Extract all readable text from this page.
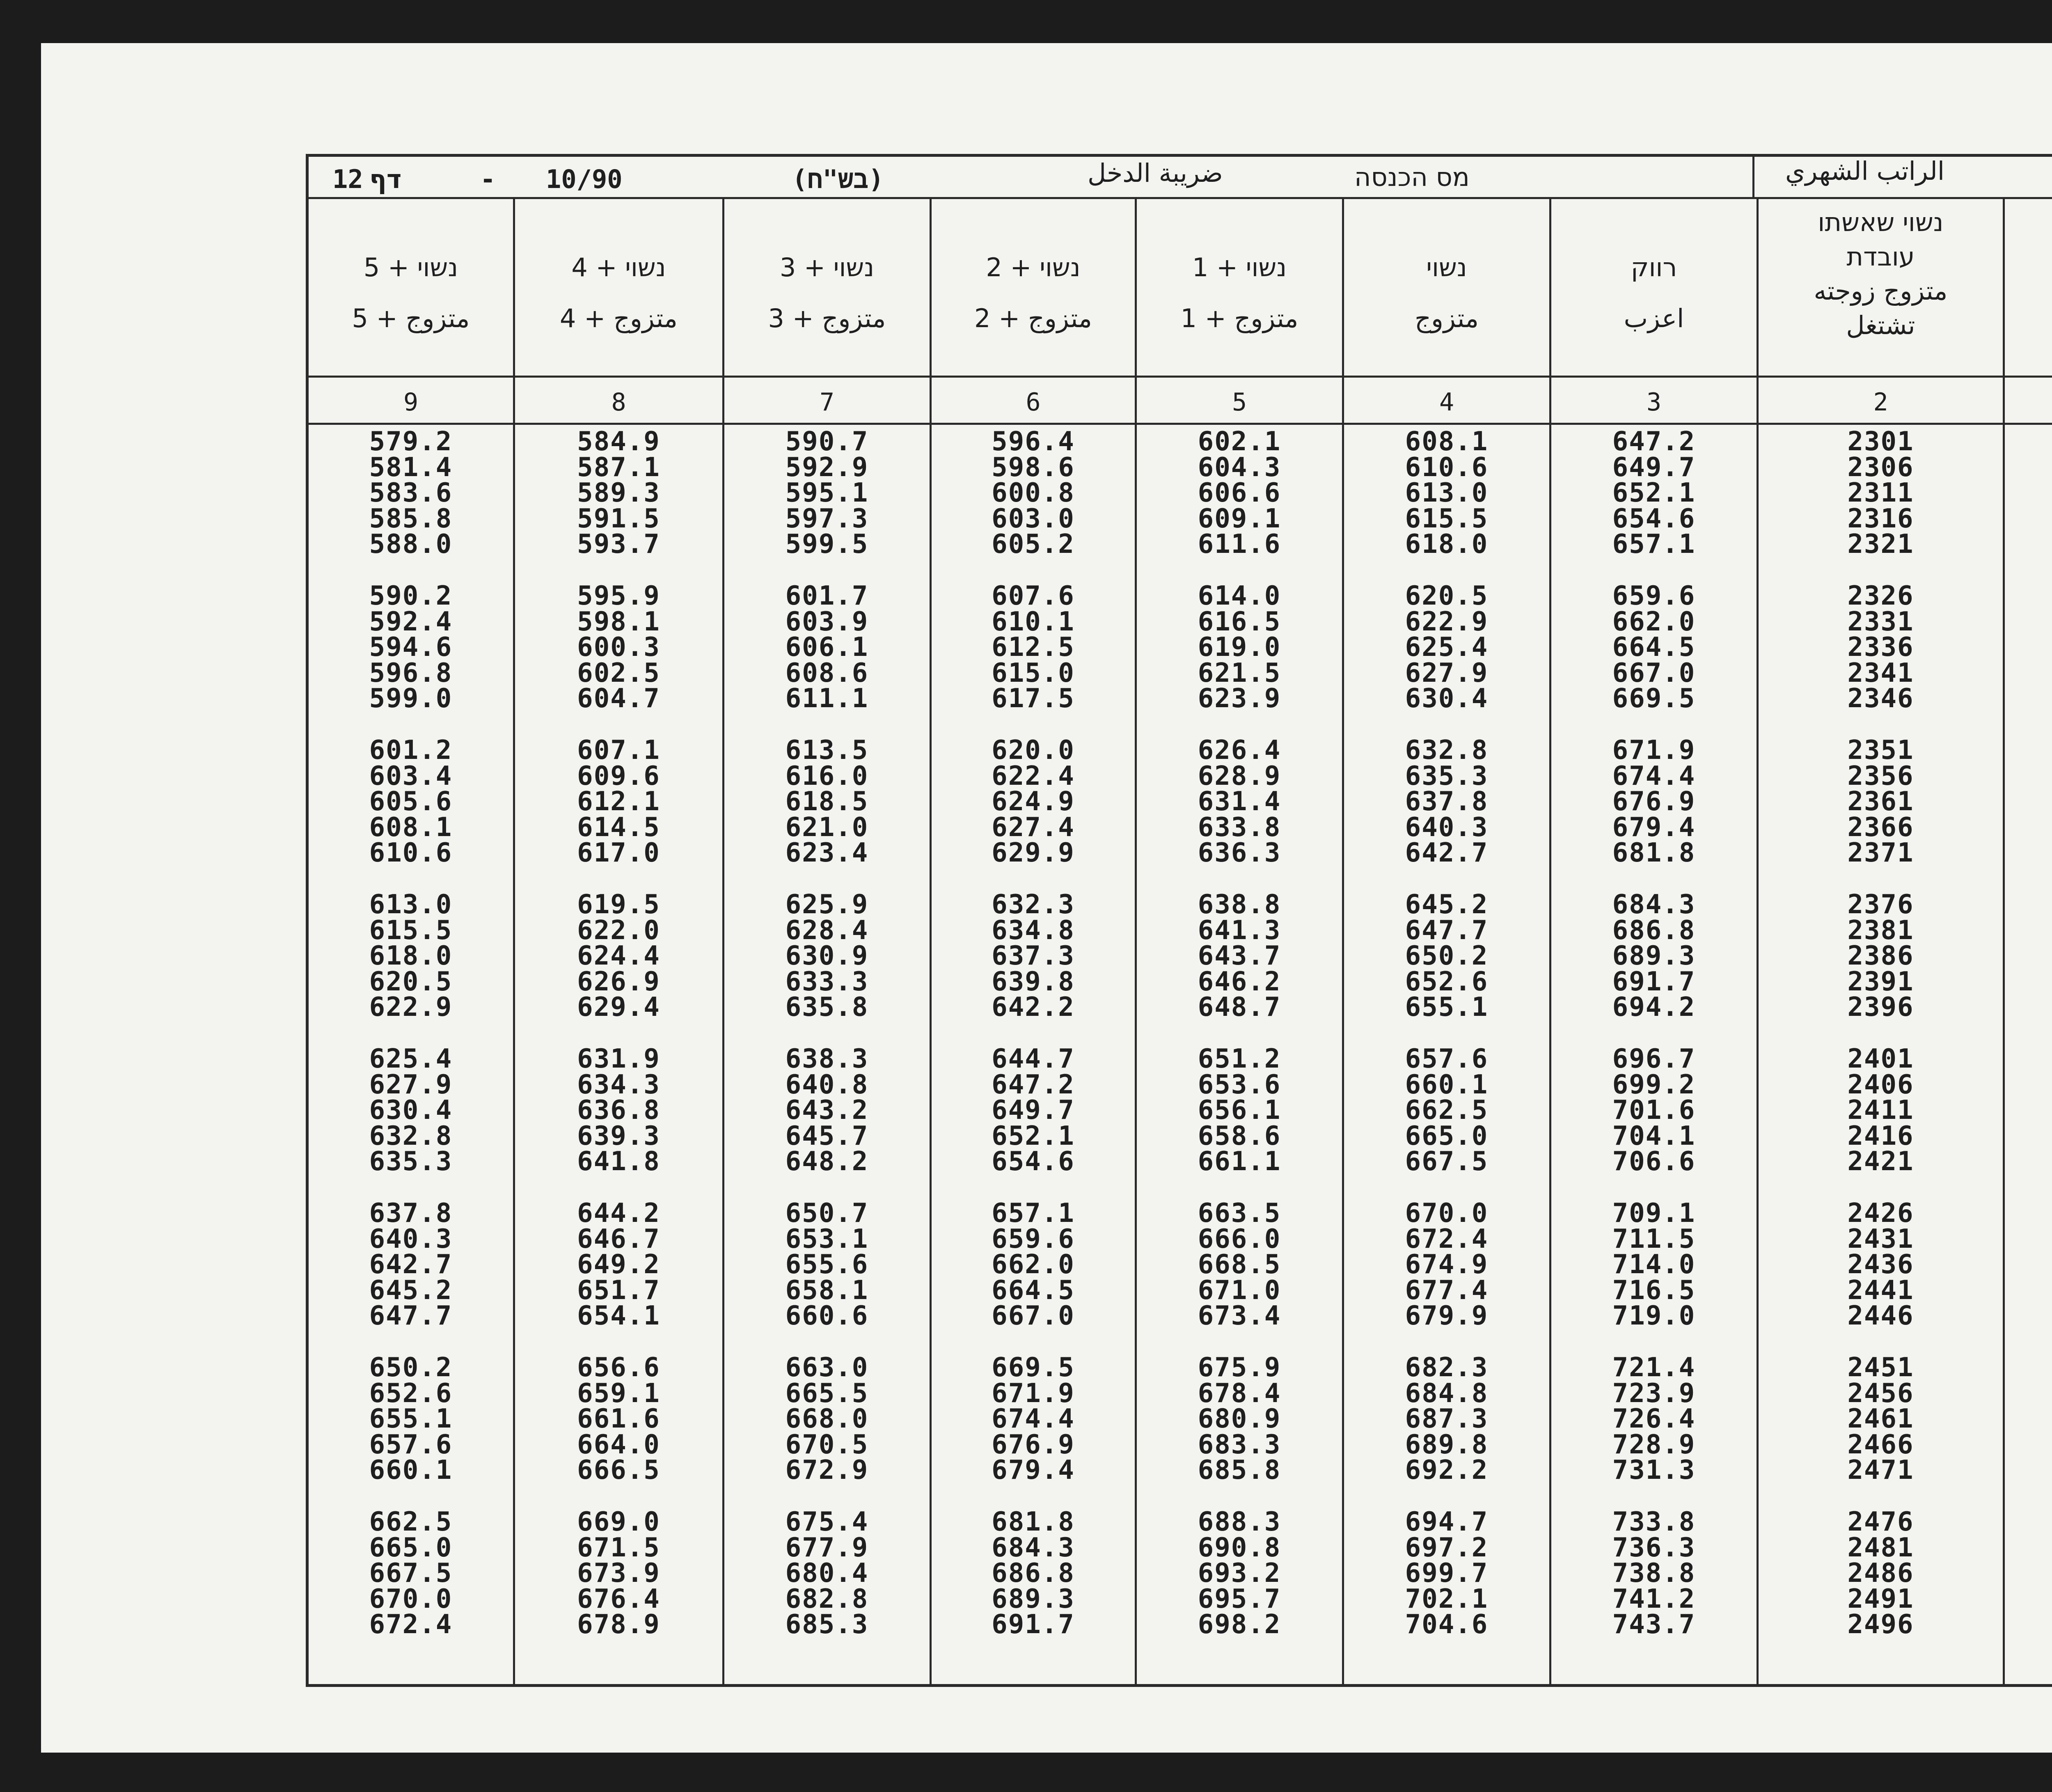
الراتب الشهري
מס הכנסה
ضريبة الدخل
(בש"ח)
10/90
-
דף
12
נשוי שאשתו
עובדת
متزوج زوجته
تشتغل
רווק
اعزب
נשוי
متزوج
נשוי + 1
متزوج + 1
נשוי + 2
متزوج + 2
נשוי + 3
متزوج + 3
נשוי + 4
متزوج + 4
נשוי + 5
متزوج + 5
2
3
4
5
6
7
8
9
2301
2306
2311
2316
2321
647.2
649.7
652.1
654.6
657.1
608.1
610.6
613.0
615.5
618.0
602.1
604.3
606.6
609.1
611.6
596.4
598.6
600.8
603.0
605.2
590.7
592.9
595.1
597.3
599.5
584.9
587.1
589.3
591.5
593.7
579.2
581.4
583.6
585.8
588.0
2326
2331
2336
2341
2346
659.6
662.0
664.5
667.0
669.5
620.5
622.9
625.4
627.9
630.4
614.0
616.5
619.0
621.5
623.9
607.6
610.1
612.5
615.0
617.5
601.7
603.9
606.1
608.6
611.1
595.9
598.1
600.3
602.5
604.7
590.2
592.4
594.6
596.8
599.0
2351
2356
2361
2366
2371
671.9
674.4
676.9
679.4
681.8
632.8
635.3
637.8
640.3
642.7
626.4
628.9
631.4
633.8
636.3
620.0
622.4
624.9
627.4
629.9
613.5
616.0
618.5
621.0
623.4
607.1
609.6
612.1
614.5
617.0
601.2
603.4
605.6
608.1
610.6
2376
2381
2386
2391
2396
684.3
686.8
689.3
691.7
694.2
645.2
647.7
650.2
652.6
655.1
638.8
641.3
643.7
646.2
648.7
632.3
634.8
637.3
639.8
642.2
625.9
628.4
630.9
633.3
635.8
619.5
622.0
624.4
626.9
629.4
613.0
615.5
618.0
620.5
622.9
2401
2406
2411
2416
2421
696.7
699.2
701.6
704.1
706.6
657.6
660.1
662.5
665.0
667.5
651.2
653.6
656.1
658.6
661.1
644.7
647.2
649.7
652.1
654.6
638.3
640.8
643.2
645.7
648.2
631.9
634.3
636.8
639.3
641.8
625.4
627.9
630.4
632.8
635.3
2426
2431
2436
2441
2446
709.1
711.5
714.0
716.5
719.0
670.0
672.4
674.9
677.4
679.9
663.5
666.0
668.5
671.0
673.4
657.1
659.6
662.0
664.5
667.0
650.7
653.1
655.6
658.1
660.6
644.2
646.7
649.2
651.7
654.1
637.8
640.3
642.7
645.2
647.7
2451
2456
2461
2466
2471
721.4
723.9
726.4
728.9
731.3
682.3
684.8
687.3
689.8
692.2
675.9
678.4
680.9
683.3
685.8
669.5
671.9
674.4
676.9
679.4
663.0
665.5
668.0
670.5
672.9
656.6
659.1
661.6
664.0
666.5
650.2
652.6
655.1
657.6
660.1
2476
2481
2486
2491
2496
733.8
736.3
738.8
741.2
743.7
694.7
697.2
699.7
702.1
704.6
688.3
690.8
693.2
695.7
698.2
681.8
684.3
686.8
689.3
691.7
675.4
677.9
680.4
682.8
685.3
669.0
671.5
673.9
676.4
678.9
662.5
665.0
667.5
670.0
672.4
